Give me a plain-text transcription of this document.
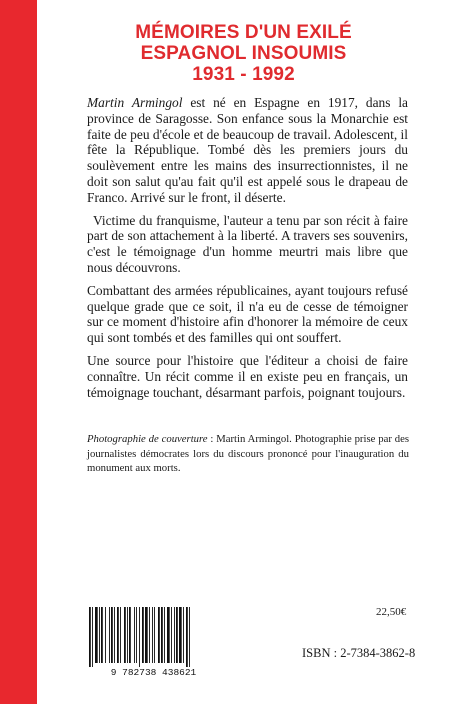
MÉMOIRES D'UN EXILÉ
ESPAGNOL INSOUMIS
1931 - 1992

Martin Armingol est né en Espagne en 1917, dans la province de Saragosse. Son enfance sous la Monarchie est faite de peu d'école et de beaucoup de travail. Adolescent, il fête la République. Tombé dès les premiers jours du soulèvement entre les mains des insurrectionnistes, il ne doit son salut qu'au fait qu'il est appelé sous le drapeau de Franco. Arrivé sur le front, il déserte.

Victime du franquisme, l'auteur a tenu par son récit à faire part de son attachement à la liberté. A travers ses souvenirs, c'est le témoignage d'un homme meurtri mais libre que nous découvrons.

Combattant des armées républicaines, ayant toujours refusé quelque grade que ce soit, il n'a eu de cesse de témoigner sur ce moment d'histoire afin d'honorer la mémoire de ceux qui sont tombés et des familles qui ont souffert.

Une source pour l'histoire que l'éditeur a choisi de faire connaître. Un récit comme il en existe peu en français, un témoignage touchant, désarmant parfois, poignant toujours.

Photographie de couverture : Martin Armingol. Photographie prise par des journalistes démocrates lors du discours prononcé pour l'inauguration du monument aux morts.
9 782738 438621
22,50€
ISBN : 2-7384-3862-8
